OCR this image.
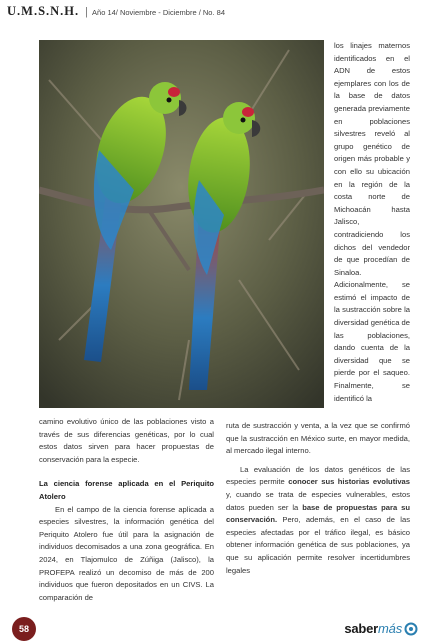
U.M.S.N.H. | Año 14/ Noviembre - Diciembre / No. 84

los linajes maternos identificados en el ADN de estos ejemplares con los de la base de datos generada previamente en poblaciones silvestres reveló al grupo genético de origen más probable y con ello su ubicación en la región de la costa norte de Michoacán hasta Jalisco, contradiciendo los dichos del vendedor de que procedían de Sinaloa. Adicionalmente, se estimó el impacto de la sustracción sobre la diversidad genética de las poblaciones, dando cuenta de la diversidad que se pierde por el saqueo. Finalmente, se identificó la

camino evolutivo único de las poblaciones visto a través de sus diferencias genéticas, por lo cual estos datos sirven para hacer propuestas de conservación para la especie.

La ciencia forense aplicada en el Periquito Atolero

En el campo de la ciencia forense aplicada a especies silvestres, la información genética del Periquito Atolero fue útil para la asignación de individuos decomisados a una zona geográfica. En 2024, en Tlajomulco de Zúñiga (Jalisco), la PROFEPA realizó un decomiso de más de 200 individuos que fueron depositados en un CIVS. La comparación de

ruta de sustracción y venta, a la vez que se confirmó que la sustracción en México surte, en mayor medida, al mercado ilegal interno.

La evaluación de los datos genéticos de las especies permite conocer sus historias evolutivas y, cuando se trata de especies vulnerables, estos datos pueden ser la base de propuestas para su conservación. Pero, además, en el caso de las especies afectadas por el tráfico ilegal, es básico obtener información genética de sus poblaciones, ya que su aplicación permite resolver incertidumbres legales

58	saber más
